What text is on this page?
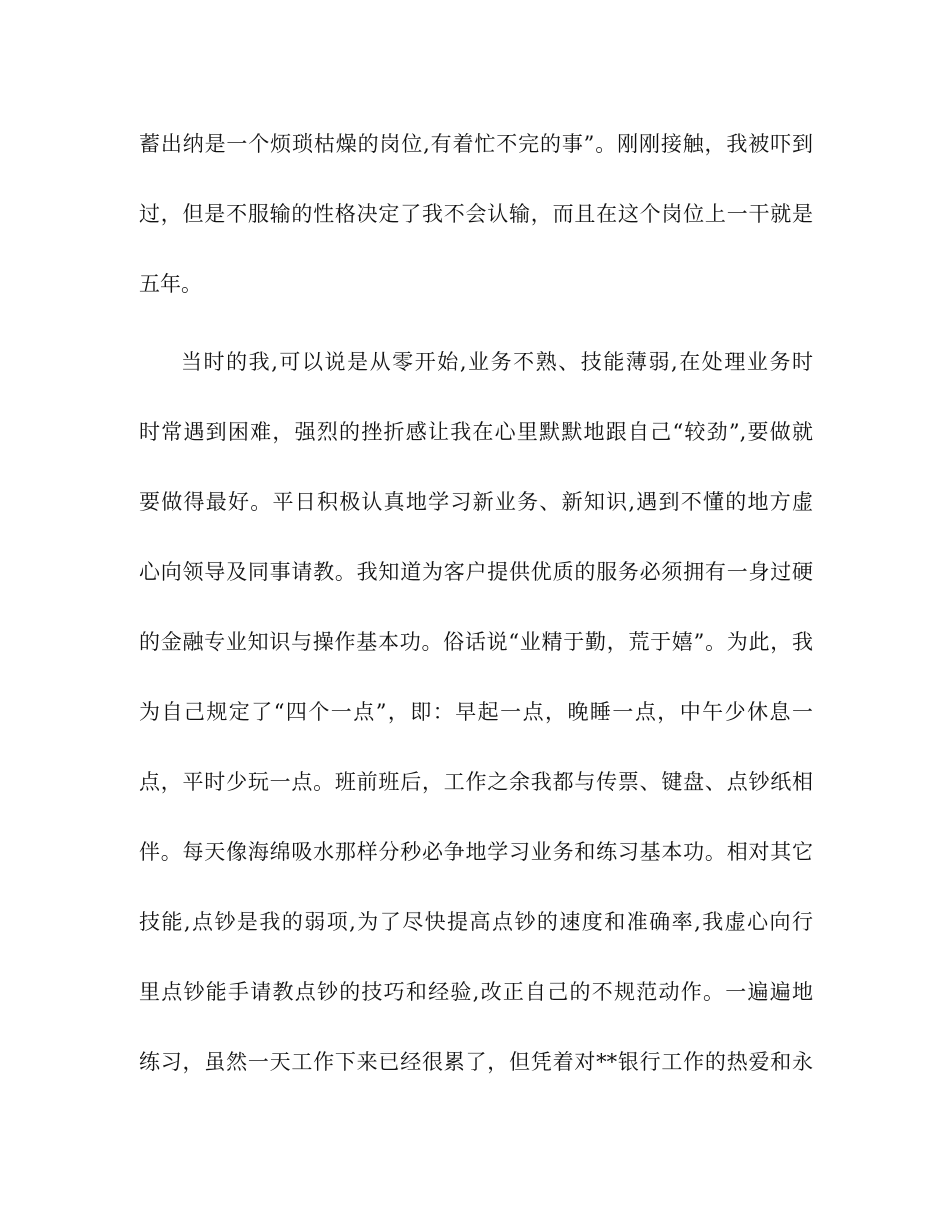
蓄出纳是一个烦琐枯燥的岗位,有着忙不完的事”。刚刚接触，我被吓到
过，但是不服输的性格决定了我不会认输，而且在这个岗位上一干就是
五年。
当时的我,可以说是从零开始,业务不熟、技能薄弱,在处理业务时
时常遇到困难，强烈的挫折感让我在心里默默地跟自己“较劲”,要做就
要做得最好。平日积极认真地学习新业务、新知识,遇到不懂的地方虚
心向领导及同事请教。我知道为客户提供优质的服务必须拥有一身过硬
的金融专业知识与操作基本功。俗话说“业精于勤，荒于嬉”。为此，我
为自己规定了“四个一点”，即：早起一点，晚睡一点，中午少休息一
点，平时少玩一点。班前班后，工作之余我都与传票、键盘、点钞纸相
伴。每天像海绵吸水那样分秒必争地学习业务和练习基本功。相对其它
技能,点钞是我的弱项,为了尽快提高点钞的速度和准确率,我虚心向行
里点钞能手请教点钞的技巧和经验,改正自己的不规范动作。一遍遍地
练习，虽然一天工作下来已经很累了，但凭着对**银行工作的热爱和永
